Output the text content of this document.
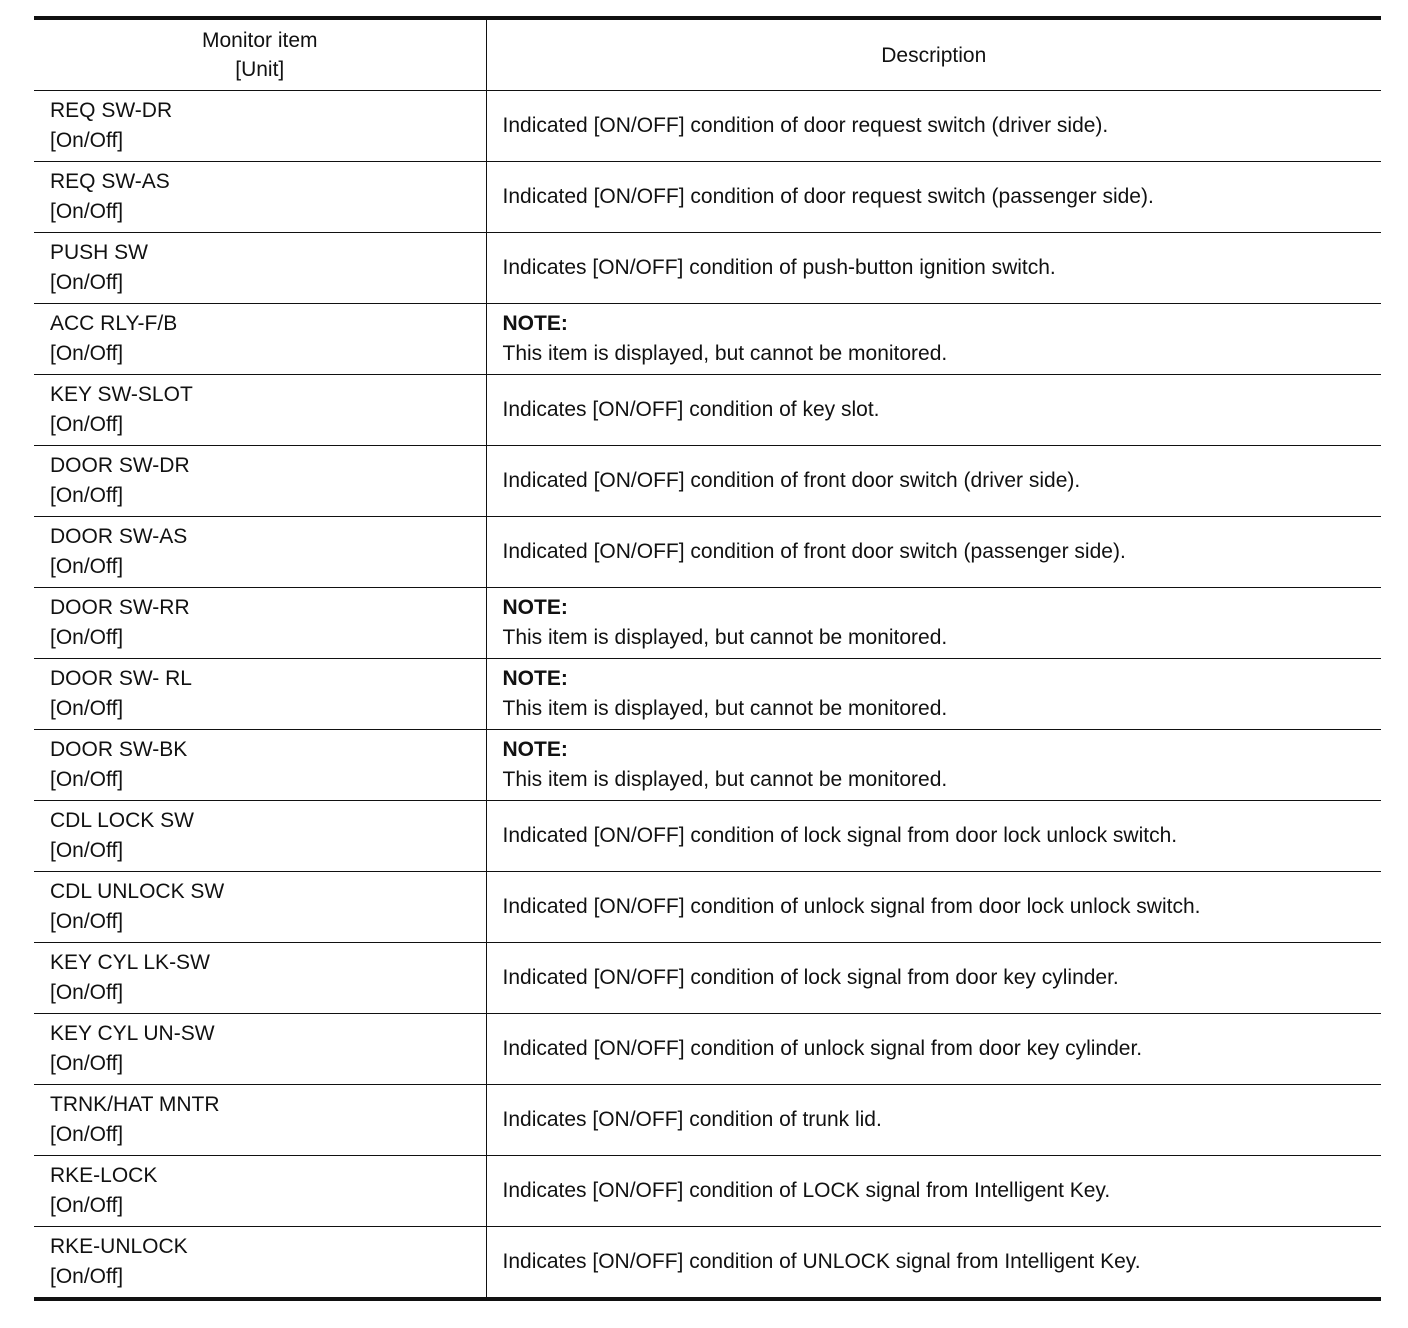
Monitor item
[Unit]	Description

REQ SW-DR
[On/Off]	Indicated [ON/OFF] condition of door request switch (driver side).

REQ SW-AS
[On/Off]	Indicated [ON/OFF] condition of door request switch (passenger side).

PUSH SW
[On/Off]	Indicates [ON/OFF] condition of push-button ignition switch.

ACC RLY-F/B
[On/Off]	NOTE:
This item is displayed, but cannot be monitored.

KEY SW-SLOT
[On/Off]	Indicates [ON/OFF] condition of key slot.

DOOR SW-DR
[On/Off]	Indicated [ON/OFF] condition of front door switch (driver side).

DOOR SW-AS
[On/Off]	Indicated [ON/OFF] condition of front door switch (passenger side).

DOOR SW-RR
[On/Off]	NOTE:
This item is displayed, but cannot be monitored.

DOOR SW- RL
[On/Off]	NOTE:
This item is displayed, but cannot be monitored.

DOOR SW-BK
[On/Off]	NOTE:
This item is displayed, but cannot be monitored.

CDL LOCK SW
[On/Off]	Indicated [ON/OFF] condition of lock signal from door lock unlock switch.

CDL UNLOCK SW
[On/Off]	Indicated [ON/OFF] condition of unlock signal from door lock unlock switch.

KEY CYL LK-SW
[On/Off]	Indicated [ON/OFF] condition of lock signal from door key cylinder.

KEY CYL UN-SW
[On/Off]	Indicated [ON/OFF] condition of unlock signal from door key cylinder.

TRNK/HAT MNTR
[On/Off]	Indicates [ON/OFF] condition of trunk lid.

RKE-LOCK
[On/Off]	Indicates [ON/OFF] condition of LOCK signal from Intelligent Key.

RKE-UNLOCK
[On/Off]	Indicates [ON/OFF] condition of UNLOCK signal from Intelligent Key.
